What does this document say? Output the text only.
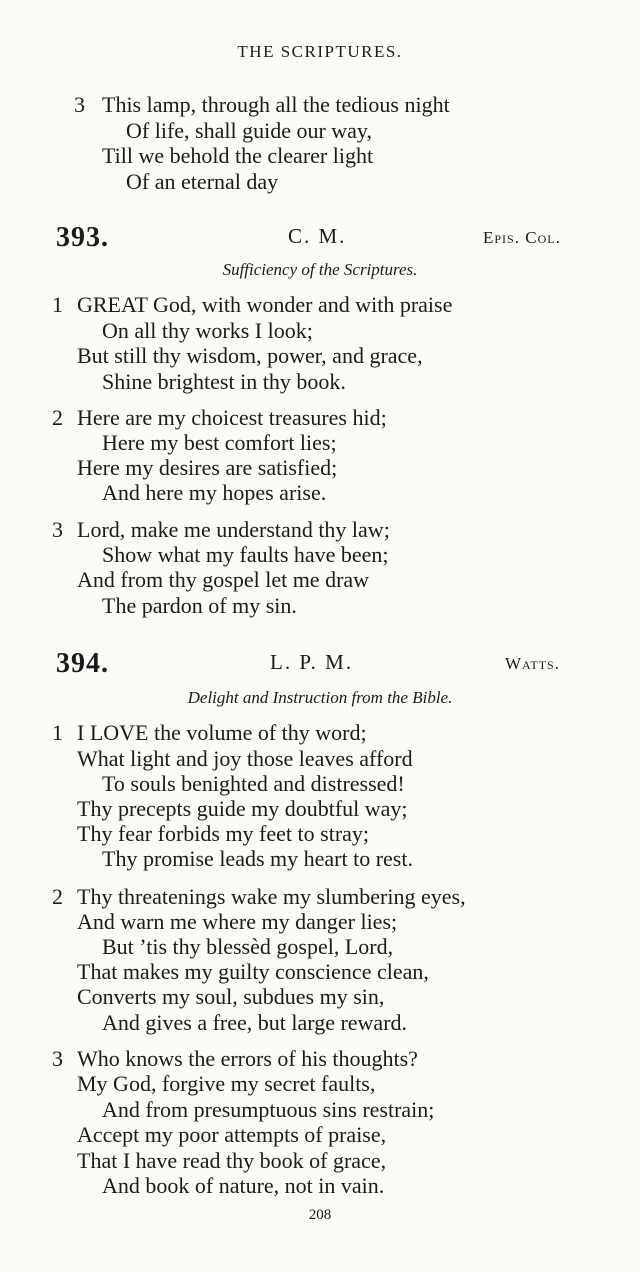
THE SCRIPTURES.
3 This lamp, through all the tedious night
Of life, shall guide our way,
Till we behold the clearer light
Of an eternal day
393.	C. M.	Epis. Col.
Sufficiency of the Scriptures.
1 GREAT God, with wonder and with praise
On all thy works I look;
But still thy wisdom, power, and grace,
Shine brightest in thy book.
2 Here are my choicest treasures hid;
Here my best comfort lies;
Here my desires are satisfied;
And here my hopes arise.
3 Lord, make me understand thy law;
Show what my faults have been;
And from thy gospel let me draw
The pardon of my sin.
394.	L. P. M.	Watts.
Delight and Instruction from the Bible.
1 I LOVE the volume of thy word;
What light and joy those leaves afford
To souls benighted and distressed!
Thy precepts guide my doubtful way;
Thy fear forbids my feet to stray;
Thy promise leads my heart to rest.
2 Thy threatenings wake my slumbering eyes,
And warn me where my danger lies;
But ’tis thy blessèd gospel, Lord,
That makes my guilty conscience clean,
Converts my soul, subdues my sin,
And gives a free, but large reward.
3 Who knows the errors of his thoughts?
My God, forgive my secret faults,
And from presumptuous sins restrain;
Accept my poor attempts of praise,
That I have read thy book of grace,
And book of nature, not in vain.
208
